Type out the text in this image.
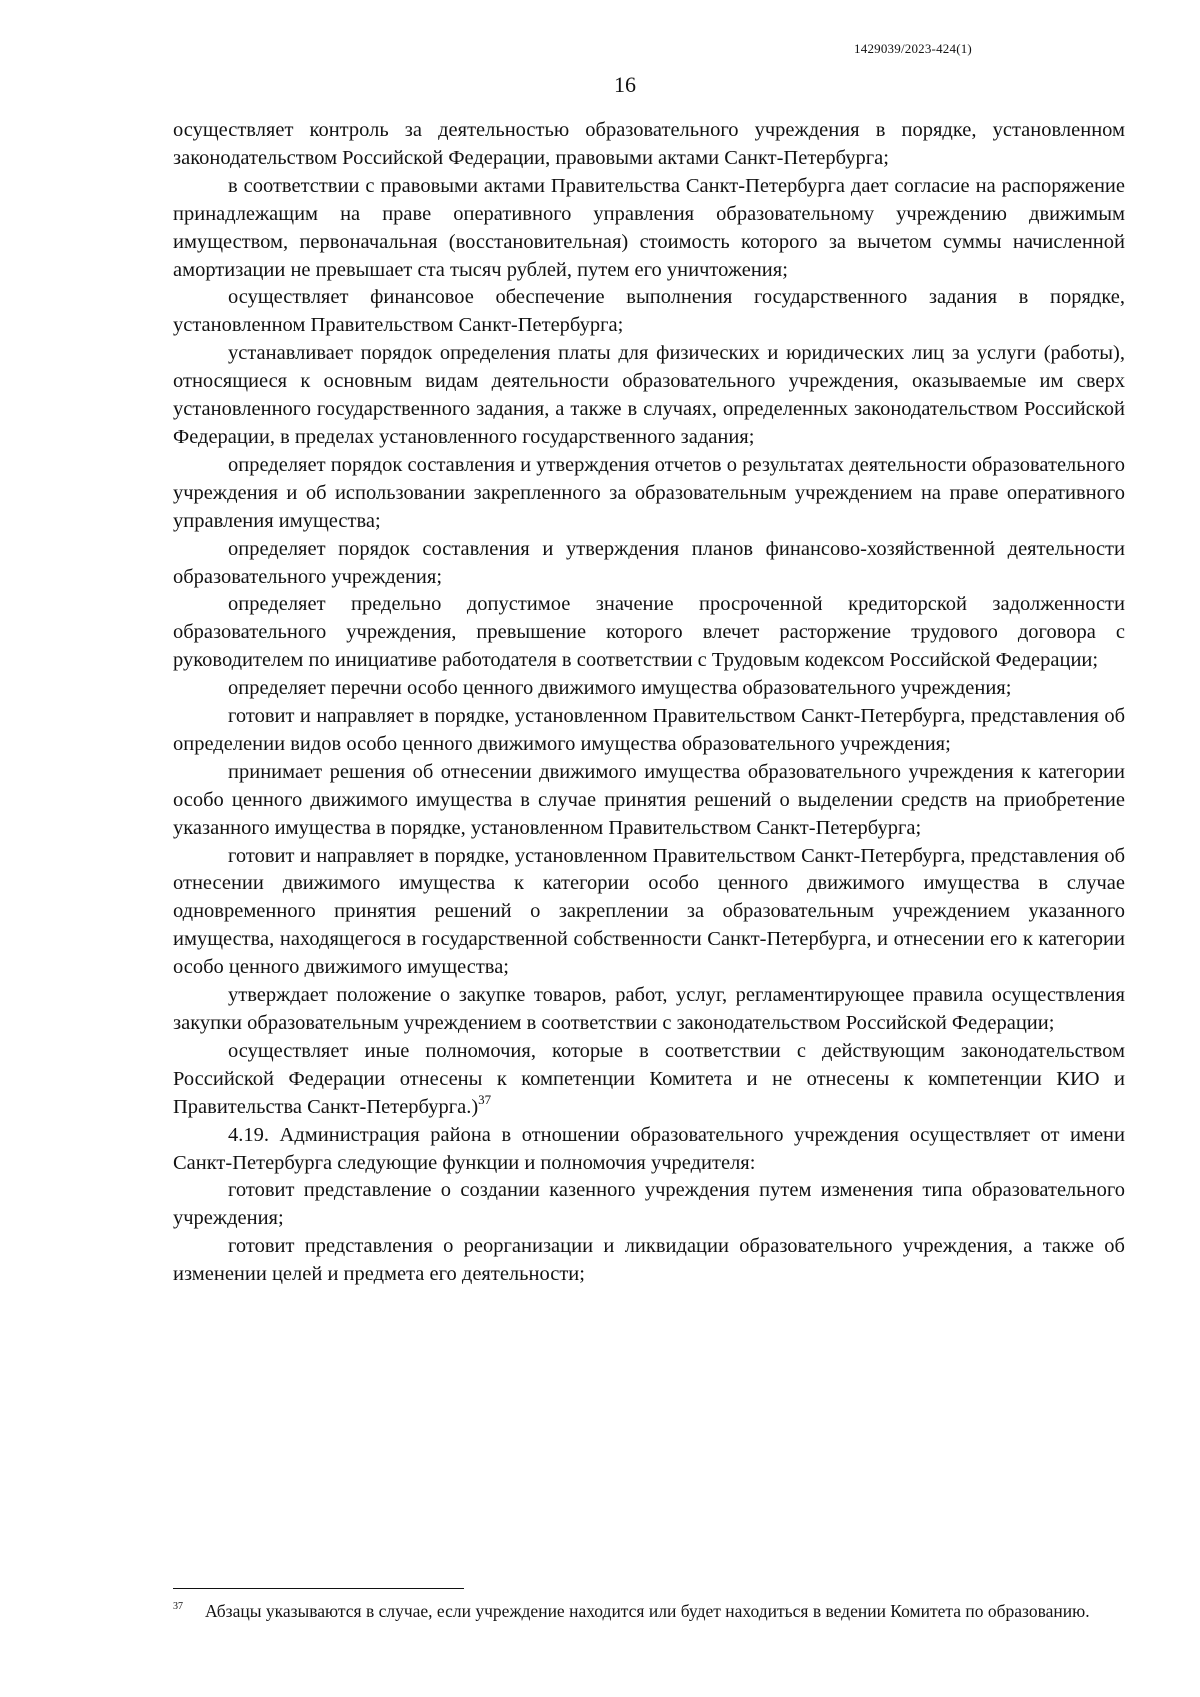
1429039/2023-424(1)
16

осуществляет контроль за деятельностью образовательного учреждения в порядке, установленном законодательством Российской Федерации, правовыми актами Санкт-Петербурга;

в соответствии с правовыми актами Правительства Санкт-Петербурга дает согласие на распоряжение принадлежащим на праве оперативного управления образовательному учреждению движимым имуществом, первоначальная (восстановительная) стоимость которого за вычетом суммы начисленной амортизации не превышает ста тысяч рублей, путем его уничтожения;

осуществляет финансовое обеспечение выполнения государственного задания в порядке, установленном Правительством Санкт-Петербурга;

устанавливает порядок определения платы для физических и юридических лиц за услуги (работы), относящиеся к основным видам деятельности образовательного учреждения, оказываемые им сверх установленного государственного задания, а также в случаях, определенных законодательством Российской Федерации, в пределах установленного государственного задания;

определяет порядок составления и утверждения отчетов о результатах деятельности образовательного учреждения и об использовании закрепленного за образовательным учреждением на праве оперативного управления имущества;

определяет порядок составления и утверждения планов финансово-хозяйственной деятельности образовательного учреждения;

определяет предельно допустимое значение просроченной кредиторской задолженности образовательного учреждения, превышение которого влечет расторжение трудового договора с руководителем по инициативе работодателя в соответствии с Трудовым кодексом Российской Федерации;

определяет перечни особо ценного движимого имущества образовательного учреждения;

готовит и направляет в порядке, установленном Правительством Санкт-Петербурга, представления об определении видов особо ценного движимого имущества образовательного учреждения;

принимает решения об отнесении движимого имущества образовательного учреждения к категории особо ценного движимого имущества в случае принятия решений о выделении средств на приобретение указанного имущества в порядке, установленном Правительством Санкт-Петербурга;

готовит и направляет в порядке, установленном Правительством Санкт-Петербурга, представления об отнесении движимого имущества к категории особо ценного движимого имущества в случае одновременного принятия решений о закреплении за образовательным учреждением указанного имущества, находящегося в государственной собственности Санкт-Петербурга, и отнесении его к категории особо ценного движимого имущества;

утверждает положение о закупке товаров, работ, услуг, регламентирующее правила осуществления закупки образовательным учреждением в соответствии с законодательством Российской Федерации;

осуществляет иные полномочия, которые в соответствии с действующим законодательством Российской Федерации отнесены к компетенции Комитета и не отнесены к компетенции КИО и Правительства Санкт-Петербурга.)$^{37}$

4.19. Администрация района в отношении образовательного учреждения осуществляет от имени Санкт-Петербурга следующие функции и полномочия учредителя:

готовит представление о создании казенного учреждения путем изменения типа образовательного учреждения;

готовит представления о реорганизации и ликвидации образовательного учреждения, а также об изменении целей и предмета его деятельности;

$^{37}$ Абзацы указываются в случае, если учреждение находится или будет находиться в ведении Комитета по образованию.
